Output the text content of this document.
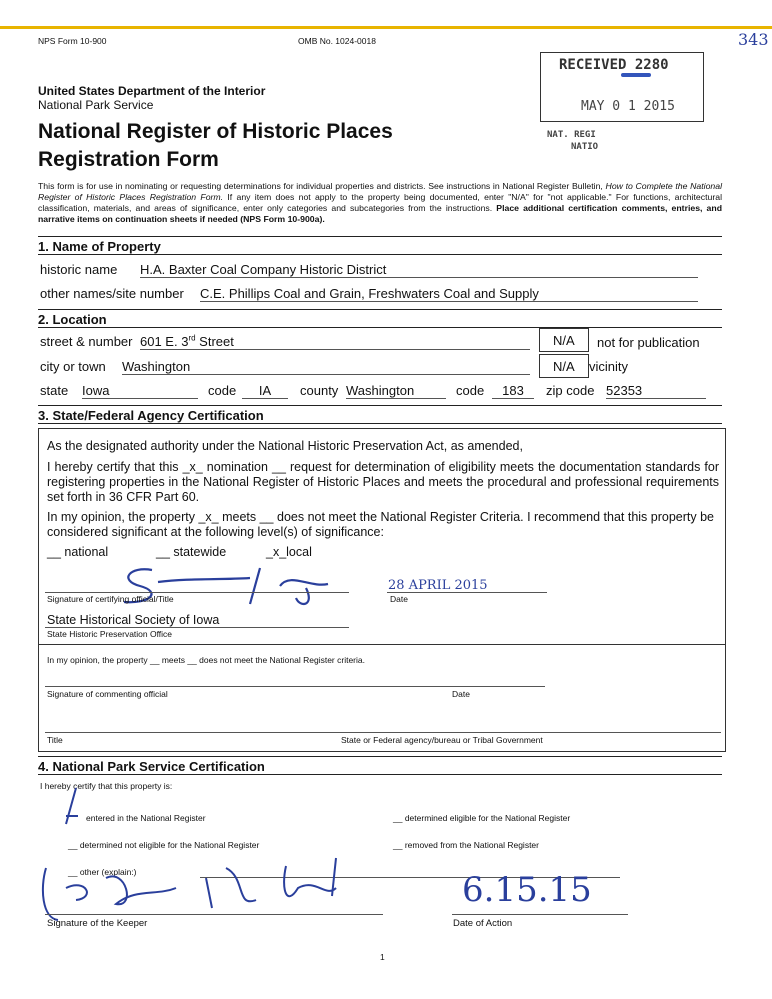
NPS Form 10-900	OMB No. 1024-0018	343
RECEIVED 2280
MAY 0 1 2015
NAT. REGI
NATIO
United States Department of the Interior
National Park Service
National Register of Historic Places
Registration Form
This form is for use in nominating or requesting determinations for individual properties and districts. See instructions in National Register Bulletin, How to Complete the National Register of Historic Places Registration Form. If any item does not apply to the property being documented, enter "N/A" for "not applicable." For functions, architectural classification, materials, and areas of significance, enter only categories and subcategories from the instructions. Place additional certification comments, entries, and narrative items on continuation sheets if needed (NPS Form 10-900a).
1. Name of Property
historic name H.A. Baxter Coal Company Historic District
other names/site number C.E. Phillips Coal and Grain, Freshwaters Coal and Supply
2. Location
street & number 601 E. 3rd Street	N/A not for publication
city or town Washington	N/A vicinity
state Iowa	code	IA	county Washington	code	183	zip code 52353
3. State/Federal Agency Certification
As the designated authority under the National Historic Preservation Act, as amended,
I hereby certify that this _x_ nomination __ request for determination of eligibility meets the documentation standards for registering properties in the National Register of Historic Places and meets the procedural and professional requirements set forth in 36 CFR Part 60.
In my opinion, the property _x_ meets __ does not meet the National Register Criteria. I recommend that this property be considered significant at the following level(s) of significance:
__ national	__ statewide	_x_local
28 APRIL 2015
Signature of certifying official/Title	Date
State Historical Society of Iowa
State Historic Preservation Office
In my opinion, the property __ meets __ does not meet the National Register criteria.
Signature of commenting official	Date
Title	State or Federal agency/bureau or Tribal Government
4. National Park Service Certification
I hereby certify that this property is:
entered in the National Register	__ determined eligible for the National Register
__ determined not eligible for the National Register	__ removed from the National Register
__ other (explain:)	6.15.15
Signature of the Keeper	Date of Action
1
